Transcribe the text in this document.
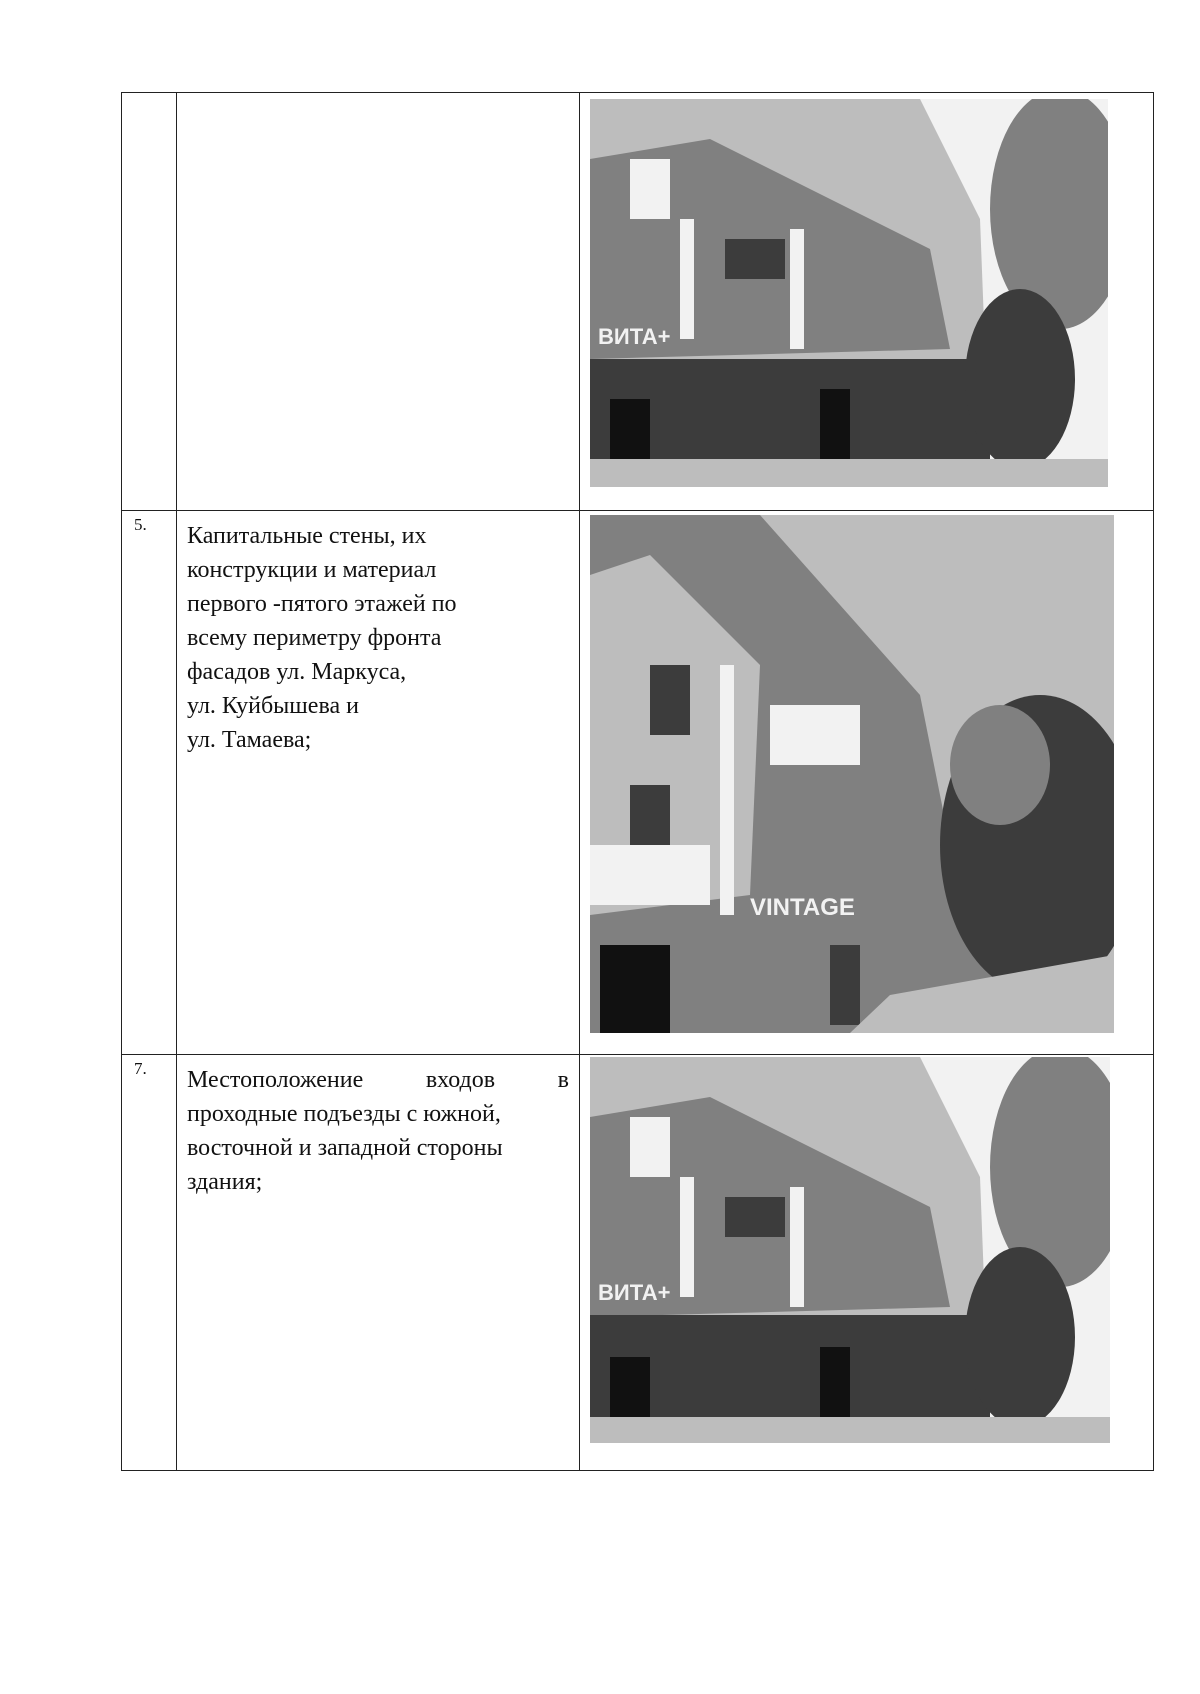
ВИТА+
5.	Капитальные стены, их

конструкции и материал

первого -пятого этажей по

всему периметру фронта

фасадов ул. Маркуса,

ул. Куйбышева и

ул. Тамаева;

VINTAGE
7.	Местоположение входов в

проходные подъезды с южной,

восточной и западной стороны

здания;

ВИТА+
